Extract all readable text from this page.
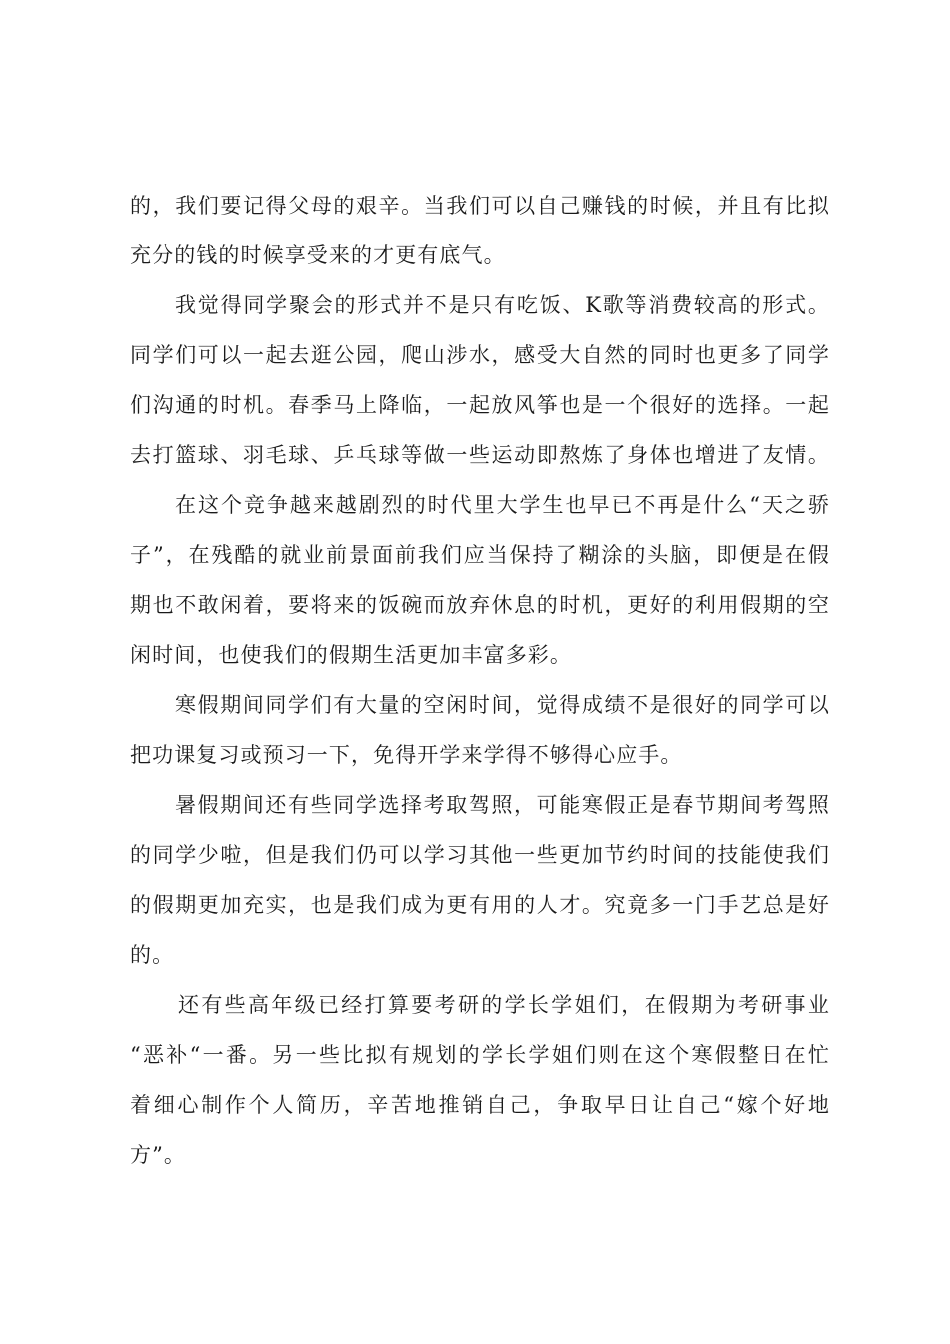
的，我们要记得父母的艰辛。当我们可以自己赚钱的时候，并且有比拟
充分的钱的时候享受来的才更有底气。
我觉得同学聚会的形式并不是只有吃饭、K歌等消费较高的形式。
同学们可以一起去逛公园，爬山涉水，感受大自然的同时也更多了同学
们沟通的时机。春季马上降临，一起放风筝也是一个很好的选择。一起
去打篮球、羽毛球、乒乓球等做一些运动即熬炼了身体也增进了友情。
在这个竞争越来越剧烈的时代里大学生也早已不再是什么“天之骄
子”，在残酷的就业前景面前我们应当保持了糊涂的头脑，即便是在假
期也不敢闲着，要将来的饭碗而放弃休息的时机，更好的利用假期的空
闲时间，也使我们的假期生活更加丰富多彩。
寒假期间同学们有大量的空闲时间，觉得成绩不是很好的同学可以
把功课复习或预习一下，免得开学来学得不够得心应手。
暑假期间还有些同学选择考取驾照，可能寒假正是春节期间考驾照
的同学少啦，但是我们仍可以学习其他一些更加节约时间的技能使我们
的假期更加充实，也是我们成为更有用的人才。究竟多一门手艺总是好
的。
还有些高年级已经打算要考研的学长学姐们，在假期为考研事业
“恶补“一番。另一些比拟有规划的学长学姐们则在这个寒假整日在忙
着细心制作个人简历，辛苦地推销自己，争取早日让自己“嫁个好地
方”。
